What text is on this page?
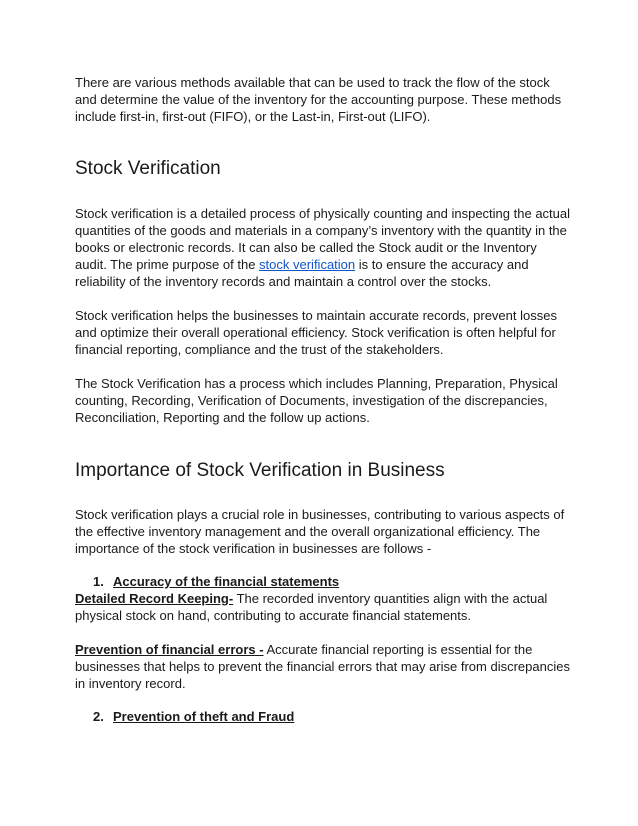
There are various methods available that can be used to track the flow of the stock and determine the value of the inventory for the accounting purpose. These methods include first-in, first-out (FIFO), or the Last-in, First-out (LIFO).

Stock Verification

Stock verification is a detailed process of physically counting and inspecting the actual quantities of the goods and materials in a company’s inventory with the quantity in the books or electronic records. It can also be called the Stock audit or the Inventory audit. The prime purpose of the stock verification is to ensure the accuracy and reliability of the inventory records and maintain a control over the stocks.

Stock verification helps the businesses to maintain accurate records, prevent losses and optimize their overall operational efficiency. Stock verification is often helpful for financial reporting, compliance and the trust of the stakeholders.

The Stock Verification has a process which includes Planning, Preparation, Physical counting, Recording, Verification of Documents, investigation of the discrepancies, Reconciliation, Reporting and the follow up actions.

Importance of Stock Verification in Business

Stock verification plays a crucial role in businesses, contributing to various aspects of the effective inventory management and the overall organizational efficiency. The importance of the stock verification in businesses are follows -

1. Accuracy of the financial statements

Detailed Record Keeping- The recorded inventory quantities align with the actual physical stock on hand, contributing to accurate financial statements.

Prevention of financial errors - Accurate financial reporting is essential for the businesses that helps to prevent the financial errors that may arise from discrepancies in inventory record.

2. Prevention of theft and Fraud
